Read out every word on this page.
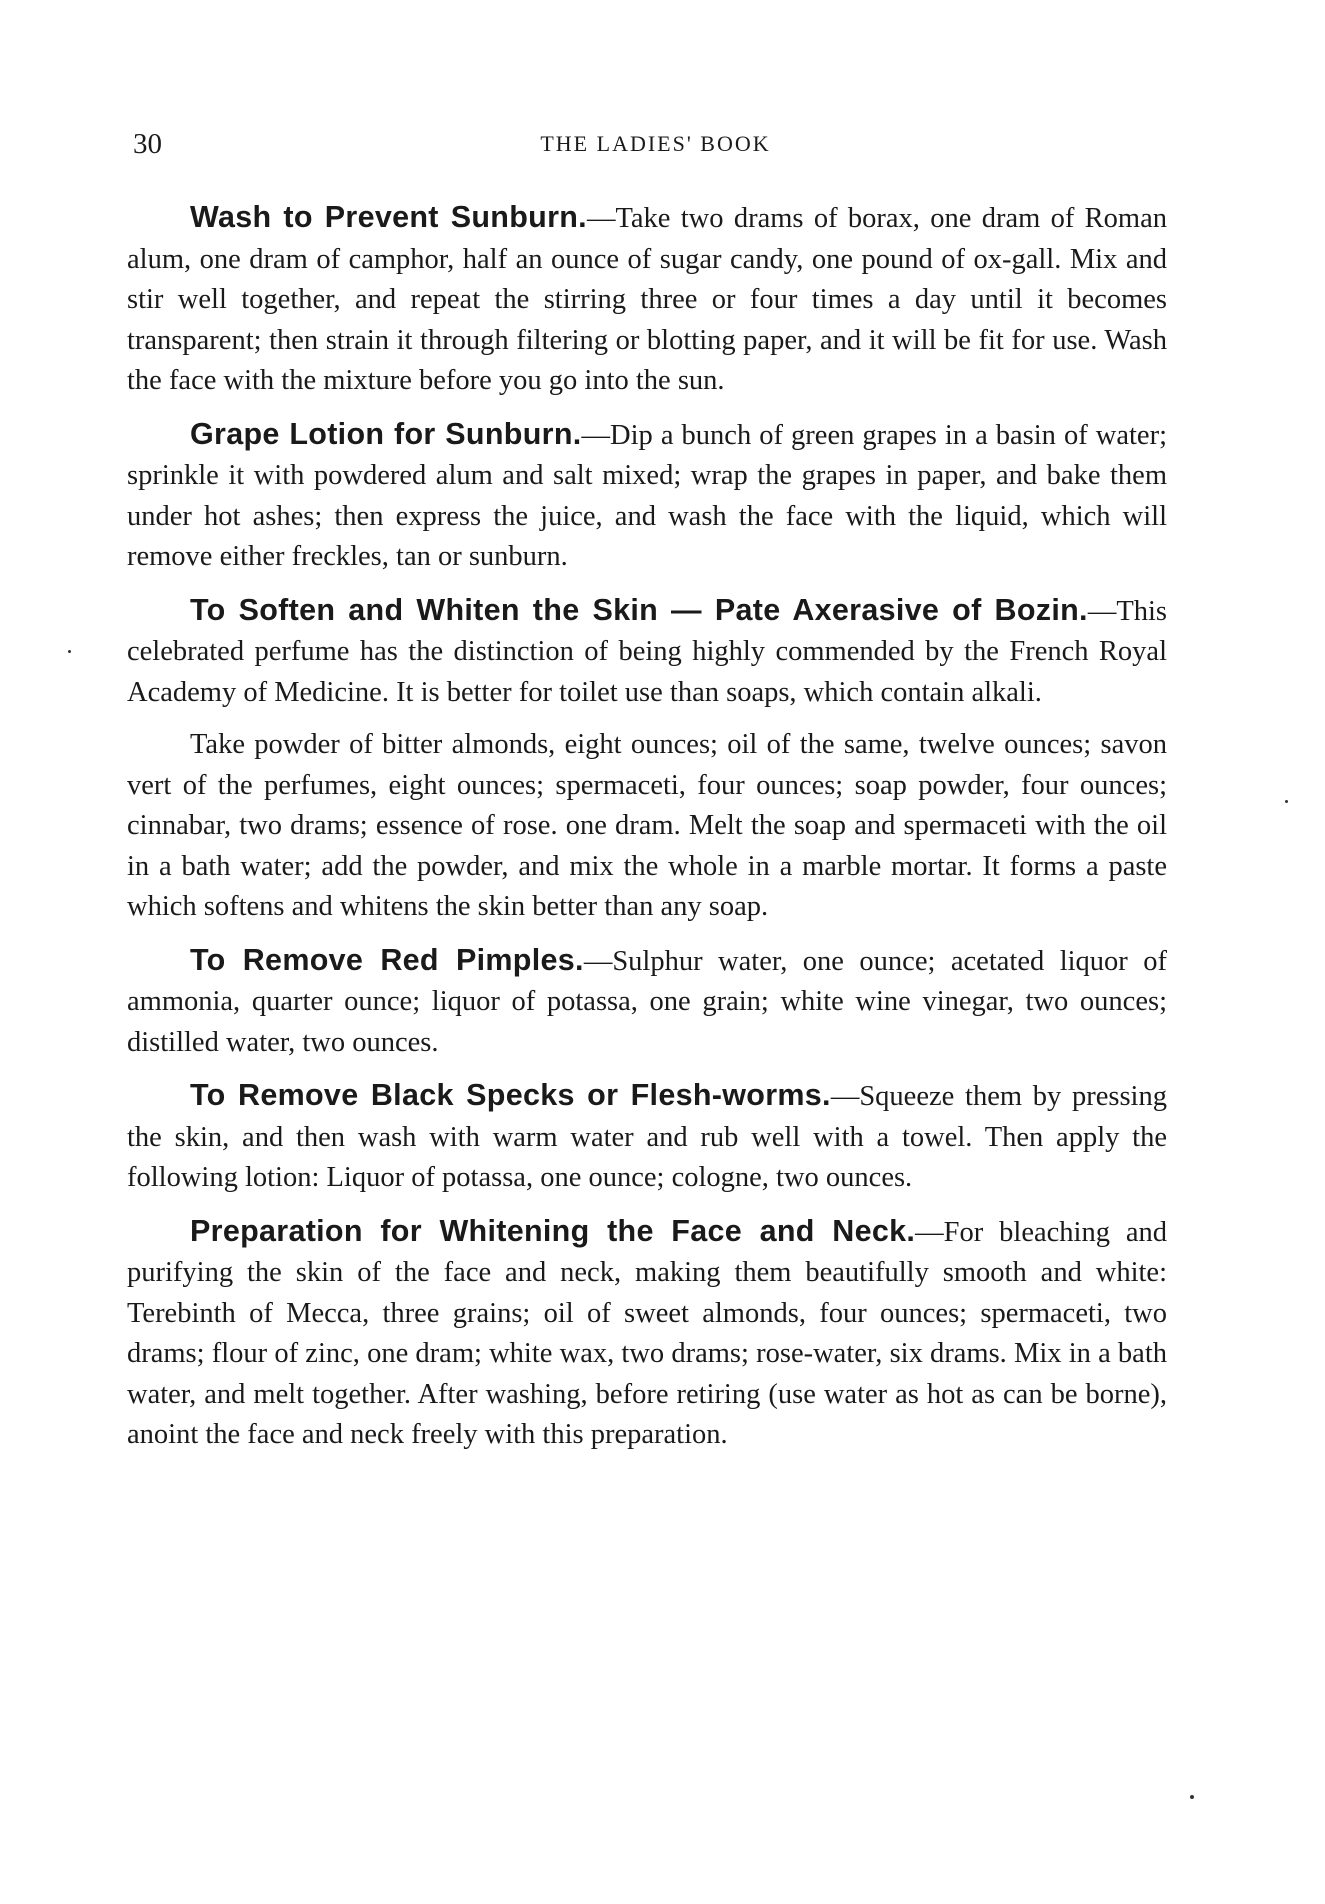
30	THE LADIES' BOOK

Wash to Prevent Sunburn.—Take two drams of borax, one dram of Roman alum, one dram of camphor, half an ounce of sugar candy, one pound of ox-gall. Mix and stir well together, and repeat the stirring three or four times a day until it becomes transparent; then strain it through filtering or blotting paper, and it will be fit for use. Wash the face with the mixture before you go into the sun.

Grape Lotion for Sunburn.—Dip a bunch of green grapes in a basin of water; sprinkle it with powdered alum and salt mixed; wrap the grapes in paper, and bake them under hot ashes; then express the juice, and wash the face with the liquid, which will remove either freckles, tan or sunburn.

To Soften and Whiten the Skin — Pate Axerasive of Bozin.—This celebrated perfume has the distinction of being highly commended by the French Royal Academy of Medicine. It is better for toilet use than soaps, which contain alkali.

Take powder of bitter almonds, eight ounces; oil of the same, twelve ounces; savon vert of the perfumes, eight ounces; spermaceti, four ounces; soap powder, four ounces; cinnabar, two drams; essence of rose. one dram. Melt the soap and spermaceti with the oil in a bath water; add the powder, and mix the whole in a marble mortar. It forms a paste which softens and whitens the skin better than any soap.

To Remove Red Pimples.—Sulphur water, one ounce; acetated liquor of ammonia, quarter ounce; liquor of potassa, one grain; white wine vinegar, two ounces; distilled water, two ounces.

To Remove Black Specks or Flesh-worms.—Squeeze them by pressing the skin, and then wash with warm water and rub well with a towel. Then apply the following lotion: Liquor of potassa, one ounce; cologne, two ounces.

Preparation for Whitening the Face and Neck.—For bleaching and purifying the skin of the face and neck, making them beautifully smooth and white: Terebinth of Mecca, three grains; oil of sweet almonds, four ounces; spermaceti, two drams; flour of zinc, one dram; white wax, two drams; rose-water, six drams. Mix in a bath water, and melt together. After washing, before retiring (use water as hot as can be borne), anoint the face and neck freely with this preparation.
